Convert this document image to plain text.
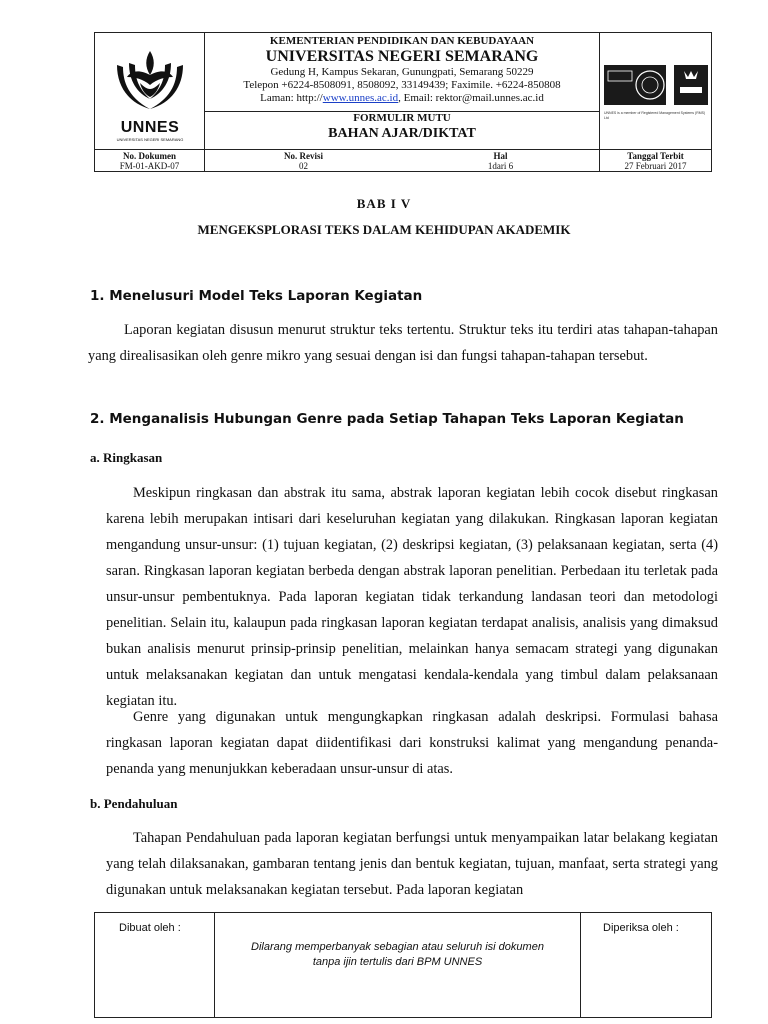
UNNES
UNIVERSITAS NEGERI SEMARANG
KEMENTERIAN PENDIDIKAN DAN KEBUDAYAAN
UNIVERSITAS NEGERI SEMARANG
Gedung H, Kampus Sekaran, Gunungpati, Semarang 50229
Telepon +6224-8508091, 8508092, 33149439; Faximile. +6224-850808
Laman: http://www.unnes.ac.id, Email: rektor@mail.unnes.ac.id
FORMULIR MUTU
BAHAN AJAR/DIKTAT
UNNES is a member of Registered Management Systems (RMS) Ltd
No. Dokumen
FM-01-AKD-07
No. Revisi
02
Hal
1dari 6
Tanggal Terbit
27 Februari 2017
BAB I V
MENGEKSPLORASI TEKS DALAM KEHIDUPAN AKADEMIK
1. Menelusuri Model Teks Laporan Kegiatan

Laporan kegiatan disusun menurut struktur teks tertentu. Struktur teks itu terdiri atas tahapan-tahapan yang direalisasikan oleh genre mikro yang sesuai dengan isi dan fungsi tahapan-tahapan tersebut.

2. Menganalisis Hubungan Genre pada Setiap Tahapan Teks Laporan Kegiatan
a. Ringkasan

Meskipun ringkasan dan abstrak itu sama, abstrak laporan kegiatan lebih cocok disebut ringkasan karena lebih merupakan intisari dari keseluruhan kegiatan yang dilakukan. Ringkasan laporan kegiatan mengandung unsur-unsur: (1) tujuan kegiatan, (2) deskripsi kegiatan, (3) pelaksanaan kegiatan, serta (4) saran. Ringkasan laporan kegiatan berbeda dengan abstrak laporan penelitian. Perbedaan itu terletak pada unsur-unsur pembentuknya. Pada laporan kegiatan tidak terkandung landasan teori dan metodologi penelitian. Selain itu, kalaupun pada ringkasan laporan kegiatan terdapat analisis, analisis yang dimaksud bukan analisis menurut prinsip-prinsip penelitian, melainkan hanya semacam strategi yang digunakan untuk melaksanakan kegiatan dan untuk mengatasi kendala-kendala yang timbul dalam pelaksanaan kegiatan itu.

Genre yang digunakan untuk mengungkapkan ringkasan adalah deskripsi. Formulasi bahasa ringkasan laporan kegiatan dapat diidentifikasi dari konstruksi kalimat yang mengandung penanda-penanda yang menunjukkan keberadaan unsur-unsur di atas.

b. Pendahuluan

Tahapan Pendahuluan pada laporan kegiatan berfungsi untuk menyampaikan latar belakang kegiatan yang telah dilaksanakan, gambaran tentang jenis dan bentuk kegiatan, tujuan, manfaat, serta strategi yang digunakan untuk melaksanakan kegiatan tersebut. Pada laporan kegiatan

Dibuat oleh :
Dilarang memperbanyak sebagian atau seluruh isi dokumen
tanpa ijin tertulis dari BPM UNNES
Diperiksa oleh :
